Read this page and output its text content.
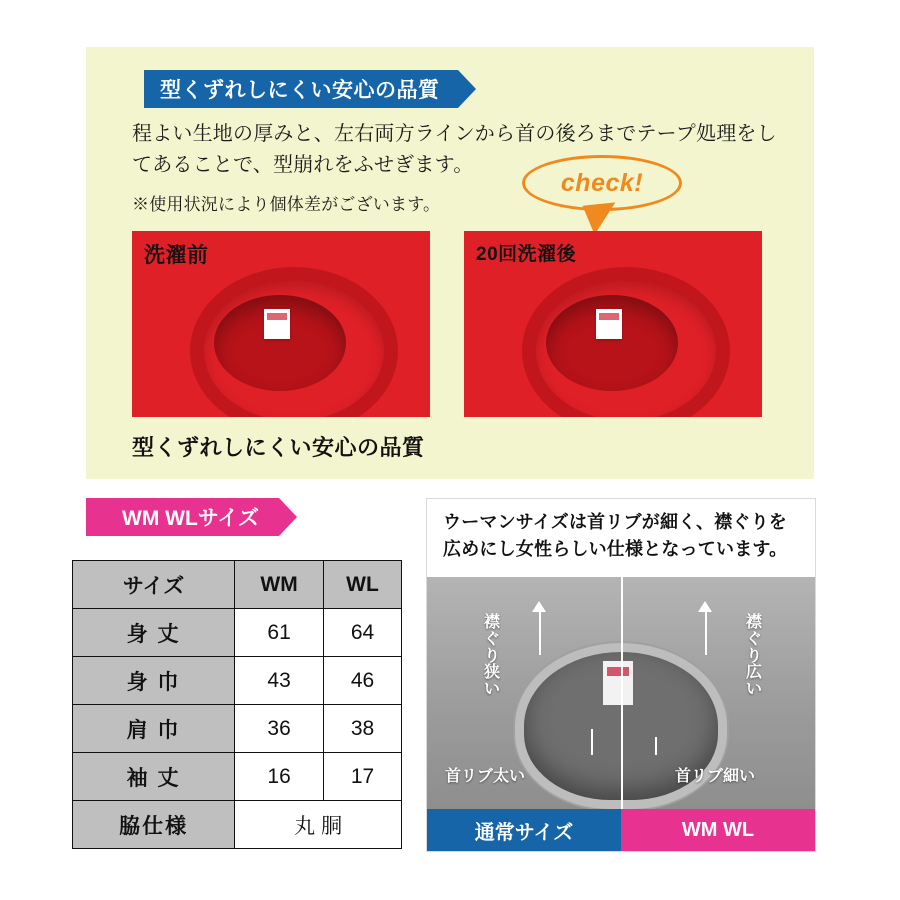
型くずれしにくい安心の品質
程よい生地の厚みと、左右両方ラインから首の後ろまでテープ処理をしてあることで、型崩れをふせぎます。
※使用状況により個体差がございます。
check!
洗濯前	20回洗濯後
型くずれしにくい安心の品質
WM WLサイズ
サイズ	WM	WL
身 丈	61	64
身 巾	43	46
肩 巾	36	38
袖 丈	16	17
脇仕様	丸 胴	
ウーマンサイズは首リブが細く、襟ぐりを広めにし女性らしい仕様となっています。
襟ぐり狭い
襟ぐり広い
首リブ太い	首リブ細い
通常サイズ	WM WL
